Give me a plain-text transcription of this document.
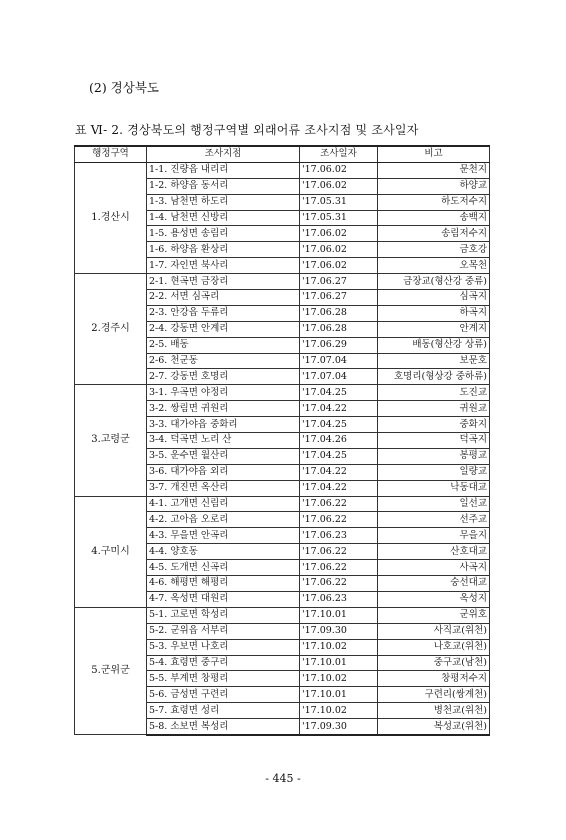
(2) 경상북도
표 Ⅵ- 2. 경상북도의 행정구역별 외래어류 조사지점 및 조사일자
행정구역	조사지점	조사일자	비고
1.경산시	1-1. 진량읍 내리리	'17.06.02	문천지
	1-2. 하양읍 동서리	'17.06.02	하양교
	1-3. 남천면 하도리	'17.05.31	하도저수지
	1-4. 남천면 신방리	'17.05.31	송백지
	1-5. 용성면 송림리	'17.06.02	송림저수지
	1-6. 하양읍 환상리	'17.06.02	금호강
	1-7. 자인면 북사리	'17.06.02	오목천
2.경주시	2-1. 현곡면 금장리	'17.06.27	금장교(형산강 중류)
	2-2. 서면 심곡리	'17.06.27	심곡지
	2-3. 안강읍 두류리	'17.06.28	하곡지
	2-4. 강동면 안계리	'17.06.28	안계지
	2-5. 배동	'17.06.29	배동(형산강 상류)
	2-6. 천군동	'17.07.04	보문호
	2-7. 강동면 호명리	'17.07.04	호명리(형상강 중하류)
3.고령군	3-1. 우곡면 야정리	'17.04.25	도진교
	3-2. 쌍림면 귀원리	'17.04.22	귀원교
	3-3. 대가야읍 중화리	'17.04.25	중화지
	3-4. 덕곡면 노리 산	'17.04.26	덕곡지
	3-5. 운수면 월산리	'17.04.25	봉평교
	3-6. 대가야읍 외리	'17.04.22	일량교
	3-7. 개진면 옥산리	'17.04.22	낙동대교
4.구미시	4-1. 고개면 신림리	'17.06.22	일선교
	4-2. 고아읍 오로리	'17.06.22	선주교
	4-3. 무을면 안곡리	'17.06.23	무을지
	4-4. 양호동	'17.06.22	산호대교
	4-5. 도개면 신곡리	'17.06.22	사곡지
	4-6. 해평면 해평리	'17.06.22	숭선대교
	4-7. 옥성면 대원리	'17.06.23	옥성지
5.군위군	5-1. 고로면 학성리	'17.10.01	군위호
	5-2. 군위읍 서부리	'17.09.30	사직교(위천)
	5-3. 우보면 나호리	'17.10.02	나호교(위천)
	5-4. 효령면 중구리	'17.10.01	중구교(남천)
	5-5. 부계면 창평리	'17.10.02	창평저수지
	5-6. 금성면 구련리	'17.10.01	구련리(쌍계천)
	5-7. 효령면 성리	'17.10.02	병천교(위천)
	5-8. 소보면 복성리	'17.09.30	복성교(위천)
- 445 -
